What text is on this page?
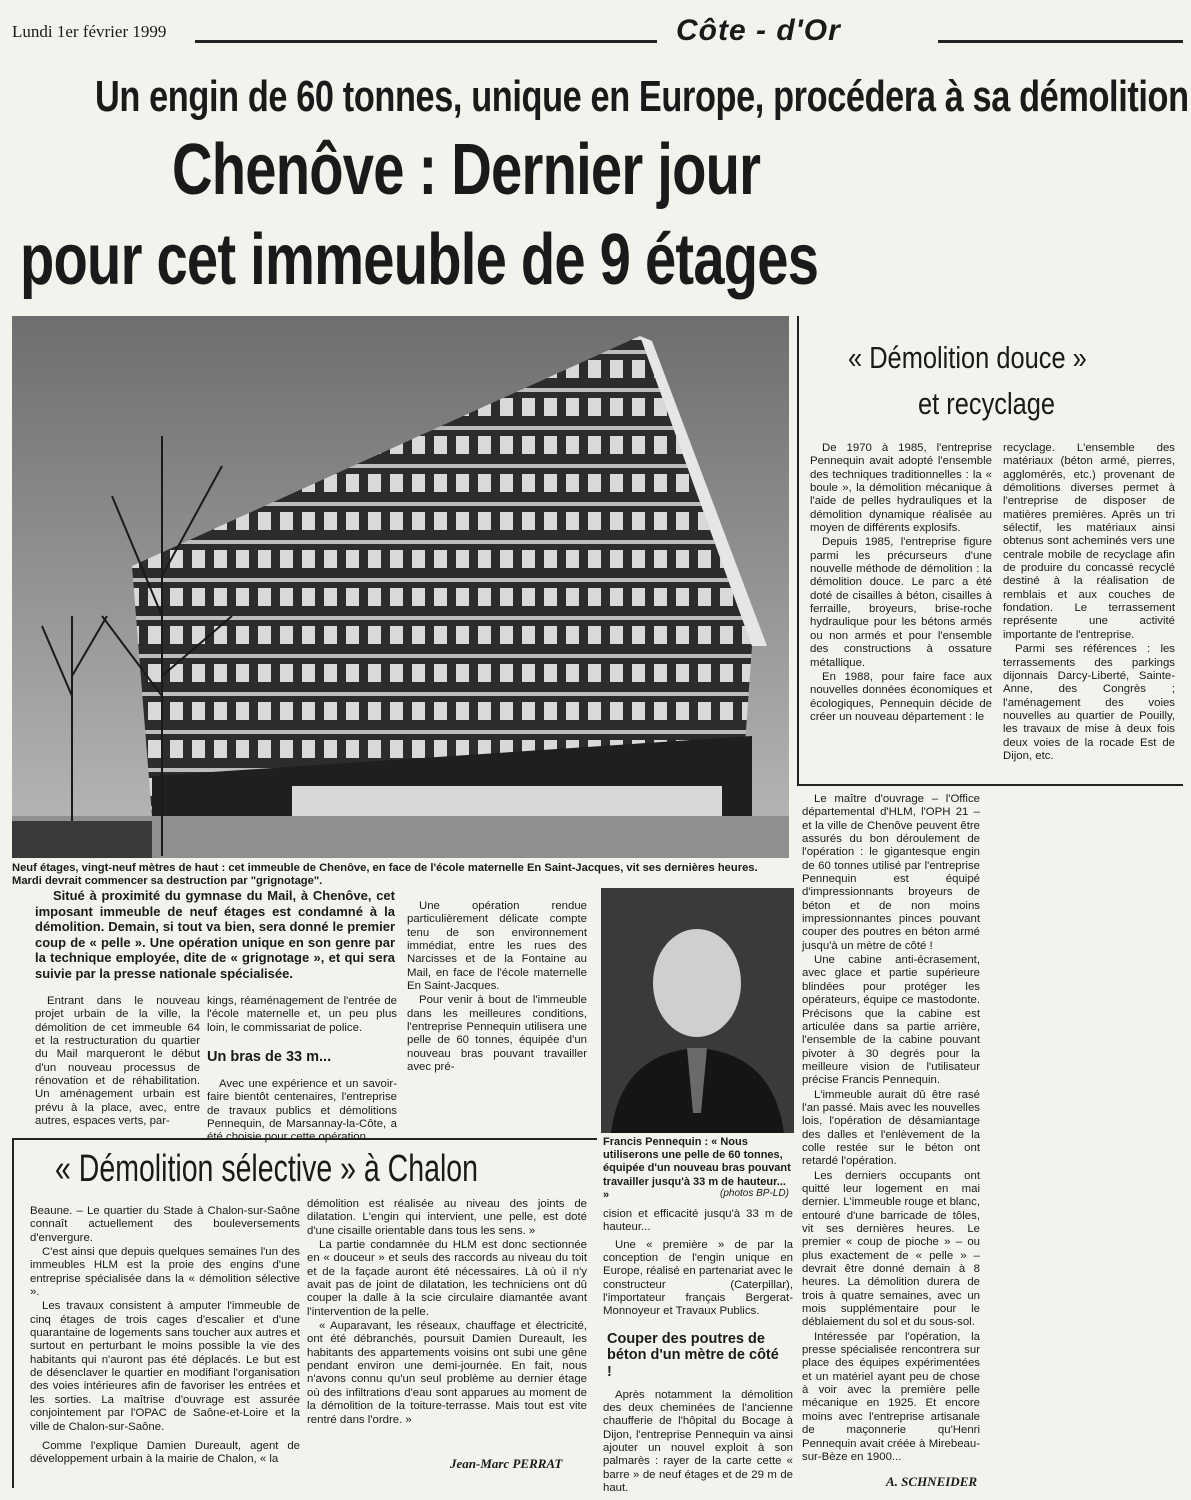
Lundi 1er février 1999	Côte - d'Or
Un engin de 60 tonnes, unique en Europe, procédera à sa démolition
Chenôve : Dernier jour
pour cet immeuble de 9 étages
Neuf étages, vingt-neuf mètres de haut : cet immeuble de Chenôve, en face de l'école maternelle En Saint-Jacques, vit ses dernières heures. Mardi devrait commencer sa destruction par "grignotage".
« Démolition douce »
et recyclage

De 1970 à 1985, l'entreprise Pennequin avait adopté l'ensemble des techniques traditionnelles : la « boule », la démolition mécanique à l'aide de pelles hydrauliques et la démolition dynamique réalisée au moyen de différents explosifs.

Depuis 1985, l'entreprise figure parmi les précurseurs d'une nouvelle méthode de démolition : la démolition douce. Le parc a été doté de cisailles à béton, cisailles à ferraille, broyeurs, brise-roche hydraulique pour les bétons armés ou non armés et pour l'ensemble des constructions à ossature métallique.

En 1988, pour faire face aux nouvelles données économiques et écologiques, Pennequin décide de créer un nouveau département : le

recyclage. L'ensemble des matériaux (béton armé, pierres, agglomérés, etc.) provenant de démolitions diverses permet à l'entreprise de disposer de matières premières. Après un tri sélectif, les matériaux ainsi obtenus sont acheminés vers une centrale mobile de recyclage afin de produire du concassé recyclé destiné à la réalisation de remblais et aux couches de fondation. Le terrassement représente une activité importante de l'entreprise.

Parmi ses références : les terrassements des parkings dijonnais Darcy-Liberté, Sainte-Anne, des Congrès ; l'aménagement des voies nouvelles au quartier de Pouilly, les travaux de mise à deux fois deux voies de la rocade Est de Dijon, etc.

Situé à proximité du gymnase du Mail, à Chenôve, cet imposant immeuble de neuf étages est condamné à la démolition. Demain, si tout va bien, sera donné le premier coup de « pelle ». Une opération unique en son genre par la technique employée, dite de « grignotage », et qui sera suivie par la presse nationale spécialisée.

Entrant dans le nouveau projet urbain de la ville, la démolition de cet immeuble 64 et la restructuration du quartier du Mail marqueront le début d'un nouveau processus de rénovation et de réhabilitation. Un aménagement urbain est prévu à la place, avec, entre autres, espaces verts, par-

kings, réaménagement de l'entrée de l'école maternelle et, un peu plus loin, le commissariat de police.

Un bras de 33 m...

Avec une expérience et un savoir-faire bientôt centenaires, l'entreprise de travaux publics et démolitions Pennequin, de Marsannay-la-Côte, a été choisie pour cette opération.

Une opération rendue particulièrement délicate compte tenu de son environnement immédiat, entre les rues des Narcisses et de la Fontaine au Mail, en face de l'école maternelle En Saint-Jacques.

Pour venir à bout de l'immeuble dans les meilleures conditions, l'entreprise Pennequin utilisera une pelle de 60 tonnes, équipée d'un nouveau bras pouvant travailler avec pré-

Francis Pennequin : « Nous utiliserons une pelle de 60 tonnes, équipée d'un nouveau bras pouvant travailler jusqu'à 33 m de hauteur... »	(photos BP-LD)

cision et efficacité jusqu'à 33 m de hauteur...

Une « première » de par la conception de l'engin unique en Europe, réalisé en partenariat avec le constructeur (Caterpillar), l'importateur français Bergerat-Monnoyeur et Travaux Publics.

Couper des poutres de béton d'un mètre de côté !

Après notamment la démolition des deux cheminées de l'ancienne chaufferie de l'hôpital du Bocage à Dijon, l'entreprise Pennequin va ainsi ajouter un nouvel exploit à son palmarès : rayer de la carte cette « barre » de neuf étages et de 29 m de haut.

Le maître d'ouvrage – l'Office départemental d'HLM, l'OPH 21 – et la ville de Chenôve peuvent être assurés du bon déroulement de l'opération : le gigantesque engin de 60 tonnes utilisé par l'entreprise Pennequin est équipé d'impressionnants broyeurs de béton et de non moins impressionnantes pinces pouvant couper des poutres en béton armé jusqu'à un mètre de côté !

Une cabine anti-écrasement, avec glace et partie supérieure blindées pour protéger les opérateurs, équipe ce mastodonte. Précisons que la cabine est articulée dans sa partie arrière, l'ensemble de la cabine pouvant pivoter à 30 degrés pour la meilleure vision de l'utilisateur précise Francis Pennequin.

L'immeuble aurait dû être rasé l'an passé. Mais avec les nouvelles lois, l'opération de désamiantage des dalles et l'enlèvement de la colle restée sur le béton ont retardé l'opération.

Les derniers occupants ont quitté leur logement en mai dernier. L'immeuble rouge et blanc, entouré d'une barricade de tôles, vit ses dernières heures. Le premier « coup de pioche » – ou plus exactement de « pelle » – devrait être donné demain à 8 heures. La démolition durera de trois à quatre semaines, avec un mois supplémentaire pour le déblaiement du sol et du sous-sol.

Intéressée par l'opération, la presse spécialisée rencontrera sur place des équipes expérimentées et un matériel ayant peu de chose à voir avec la première pelle mécanique en 1925. Et encore moins avec l'entreprise artisanale de maçonnerie qu'Henri Pennequin avait créée à Mirebeau-sur-Bèze en 1900...

A. SCHNEIDER
« Démolition sélective » à Chalon

Beaune. – Le quartier du Stade à Chalon-sur-Saône connaît actuellement des bouleversements d'envergure.

C'est ainsi que depuis quelques semaines l'un des immeubles HLM est la proie des engins d'une entreprise spécialisée dans la « démolition sélective ».

Les travaux consistent à amputer l'immeuble de cinq étages de trois cages d'escalier et d'une quarantaine de logements sans toucher aux autres et surtout en perturbant le moins possible la vie des habitants qui n'auront pas été déplacés. Le but est de désenclaver le quartier en modifiant l'organisation des voies intérieures afin de favoriser les entrées et les sorties. La maîtrise d'ouvrage est assurée conjointement par l'OPAC de Saône-et-Loire et la ville de Chalon-sur-Saône.

Comme l'explique Damien Dureault, agent de développement urbain à la mairie de Chalon, « la

démolition est réalisée au niveau des joints de dilatation. L'engin qui intervient, une pelle, est doté d'une cisaille orientable dans tous les sens. »

La partie condamnée du HLM est donc sectionnée en « douceur » et seuls des raccords au niveau du toit et de la façade auront été nécessaires. Là où il n'y avait pas de joint de dilatation, les techniciens ont dû couper la dalle à la scie circulaire diamantée avant l'intervention de la pelle.

« Auparavant, les réseaux, chauffage et électricité, ont été débranchés, poursuit Damien Dureault, les habitants des appartements voisins ont subi une gêne pendant environ une demi-journée. En fait, nous n'avons connu qu'un seul problème au dernier étage où des infiltrations d'eau sont apparues au moment de la démolition de la toiture-terrasse. Mais tout est vite rentré dans l'ordre. »

Jean-Marc PERRAT
